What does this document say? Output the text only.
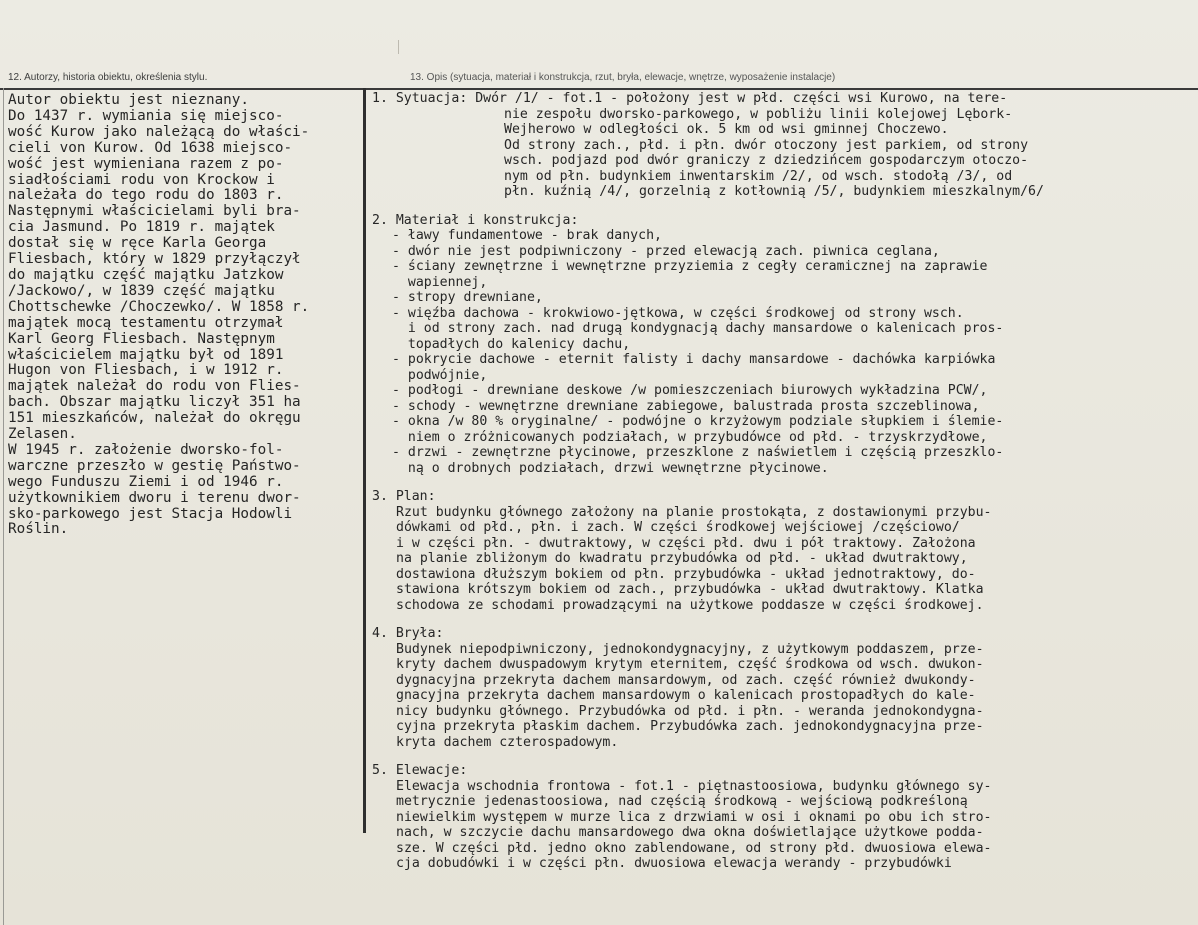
12. Autorzy, historia obiektu, określenia stylu.	13. Opis (sytuacja, materiał i konstrukcja, rzut, bryła, elewacje, wnętrze, wyposażenie instalacje)
Autor obiektu jest nieznany.
Do 1437 r. wymiania się miejsco-
wość Kurow jako należącą do właści-
cieli von Kurow. Od 1638 miejsco-
wość jest wymieniana razem z po-
siadłościami rodu von Krockow i
należała do tego rodu do 1803 r.
Następnymi właścicielami byli bra-
cia Jasmund. Po 1819 r. majątek
dostał się w ręce Karla Georga
Fliesbach, który w 1829 przyłączył
do majątku część majątku Jatzkow
/Jackowo/, w 1839 część majątku
Chottschewke /Choczewko/. W 1858 r.
majątek mocą testamentu otrzymał
Karl Georg Fliesbach. Następnym
właścicielem majątku był od 1891
Hugon von Fliesbach, i w 1912 r.
majątek należał do rodu von Flies-
bach. Obszar majątku liczył 351 ha
151 mieszkańców, należał do okręgu
Zelasen.
W 1945 r. założenie dworsko-fol-
warczne przeszło w gestię Państwo-
wego Funduszu Ziemi i od 1946 r.
użytkownikiem dworu i terenu dwor-
sko-parkowego jest Stacja Hodowli
Roślin.
1. Sytuacja: Dwór /1/ - fot.1 - położony jest w płd. części wsi Kurowo, na tere-
nie zespołu dworsko-parkowego, w pobliżu linii kolejowej Lębork-
Wejherowo w odległości ok. 5 km od wsi gminnej Choczewo.
Od strony zach., płd. i płn. dwór otoczony jest parkiem, od strony
wsch. podjazd pod dwór graniczy z dziedzińcem gospodarczym otoczo-
nym od płn. budynkiem inwentarskim /2/, od wsch. stodołą /3/, od
płn. kuźnią /4/, gorzelnią z kotłownią /5/, budynkiem mieszkalnym/6/
2. Materiał i konstrukcja:
- ławy fundamentowe - brak danych,
- dwór nie jest podpiwniczony - przed elewacją zach. piwnica ceglana,
- ściany zewnętrzne i wewnętrzne przyziemia z cegły ceramicznej na zaprawie
wapiennej,
- stropy drewniane,
- więźba dachowa - krokwiowo-jętkowa, w części środkowej od strony wsch.
i od strony zach. nad drugą kondygnacją dachy mansardowe o kalenicach pros-
topadłych do kalenicy dachu,
- pokrycie dachowe - eternit falisty i dachy mansardowe - dachówka karpiówka
podwójnie,
- podłogi - drewniane deskowe /w pomieszczeniach biurowych wykładzina PCW/,
- schody - wewnętrzne drewniane zabiegowe, balustrada prosta szczeblinowa,
- okna /w 80 % oryginalne/ - podwójne o krzyżowym podziale słupkiem i ślemie-
niem o zróżnicowanych podziałach, w przybudówce od płd. - trzyskrzydłowe,
- drzwi - zewnętrzne płycinowe, przeszklone z naświetlem i częścią przeszklo-
ną o drobnych podziałach, drzwi wewnętrzne płycinowe.
3. Plan:
Rzut budynku głównego założony na planie prostokąta, z dostawionymi przybu-
dówkami od płd., płn. i zach. W części środkowej wejściowej /częściowo/
i w części płn. - dwutraktowy, w części płd. dwu i pół traktowy. Założona
na planie zbliżonym do kwadratu przybudówka od płd. - układ dwutraktowy,
dostawiona dłuższym bokiem od płn. przybudówka - układ jednotraktowy, do-
stawiona krótszym bokiem od zach., przybudówka - układ dwutraktowy. Klatka
schodowa ze schodami prowadzącymi na użytkowe poddasze w części środkowej.
4. Bryła:
Budynek niepodpiwniczony, jednokondygnacyjny, z użytkowym poddaszem, prze-
kryty dachem dwuspadowym krytym eternitem, część środkowa od wsch. dwukon-
dygnacyjna przekryta dachem mansardowym, od zach. część również dwukondy-
gnacyjna przekryta dachem mansardowym o kalenicach prostopadłych do kale-
nicy budynku głównego. Przybudówka od płd. i płn. - weranda jednokondygna-
cyjna przekryta płaskim dachem. Przybudówka zach. jednokondygnacyjna prze-
kryta dachem czterospadowym.
5. Elewacje:
Elewacja wschodnia frontowa - fot.1 - piętnastoosiowa, budynku głównego sy-
metrycznie jedenastoosiowa, nad częścią środkową - wejściową podkreśloną
niewielkim występem w murze lica z drzwiami w osi i oknami po obu ich stro-
nach, w szczycie dachu mansardowego dwa okna doświetlające użytkowe podda-
sze. W części płd. jedno okno zablendowane, od strony płd. dwuosiowa elewa-
cja dobudówki i w części płn. dwuosiowa elewacja werandy - przybudówki
